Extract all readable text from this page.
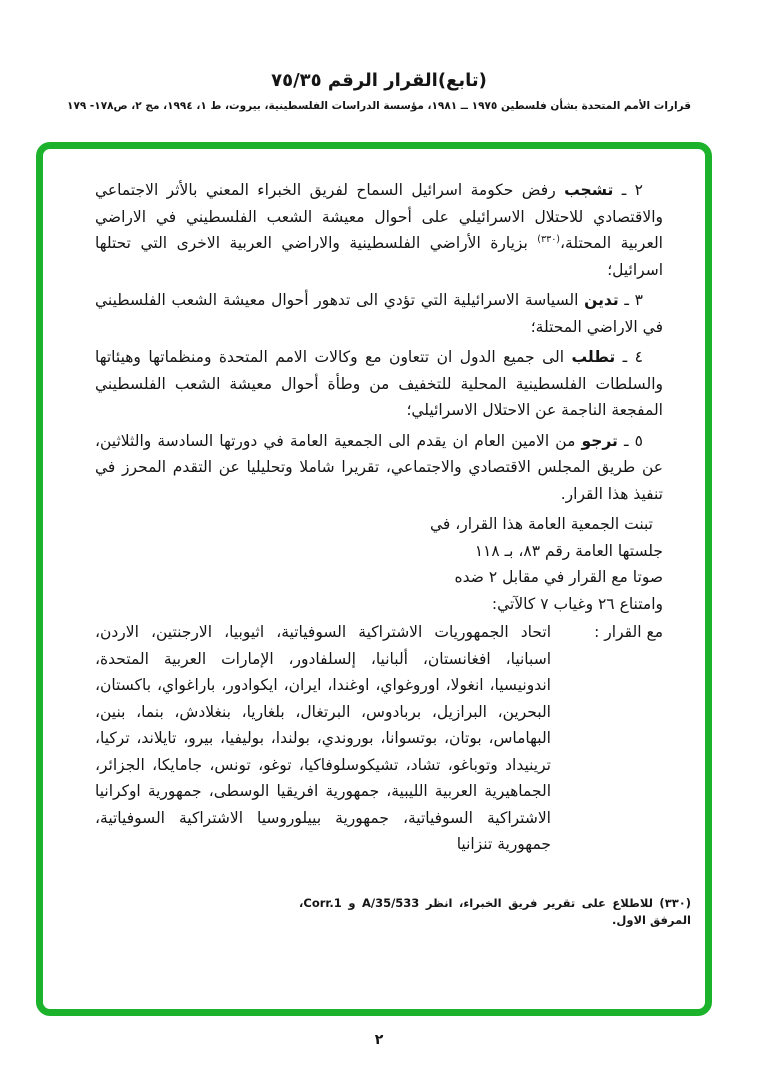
(تابع)القرار الرقم ٧٥/٣٥
قرارات الأمم المتحدة بشأن فلسطين ١٩٧٥ ــ ١٩٨١، مؤسسة الدراسات الفلسطينية، بيروت، ط ١، ١٩٩٤، مج ٢، ص١٧٨- ١٧٩

٢ ـ تشجب رفض حكومة اسرائيل السماح لفريق الخبراء المعني بالأثر الاجتماعي والاقتصادي للاحتلال الاسرائيلي على أحوال معيشة الشعب الفلسطيني في الاراضي العربية المحتلة،$^{(٣٣٠)}$ بزيارة الأراضي الفلسطينية والاراضي العربية الاخرى التي تحتلها اسرائيل؛

٣ ـ تدين السياسة الاسرائيلية التي تؤدي الى تدهور أحوال معيشة الشعب الفلسطيني في الاراضي المحتلة؛

٤ ـ تطلب الى جميع الدول ان تتعاون مع وكالات الامم المتحدة ومنظماتها وهيئاتها والسلطات الفلسطينية المحلية للتخفيف من وطأة أحوال معيشة الشعب الفلسطيني المفجعة الناجمة عن الاحتلال الاسرائيلي؛

٥ ـ ترجو من الامين العام ان يقدم الى الجمعية العامة في دورتها السادسة والثلاثين، عن طريق المجلس الاقتصادي والاجتماعي، تقريرا شاملا وتحليليا عن التقدم المحرز في تنفيذ هذا القرار.

تبنت الجمعية العامة هذا القرار، في
جلستها العامة رقم ٨٣، بـ ١١٨
صوتا مع القرار في مقابل ٢ ضده
وامتناع ٢٦ وغياب ٧ كالآتي:
مع القرار :
اتحاد الجمهوريات الاشتراكية السوفياتية، اثيوبيا، الارجنتين، الاردن، اسبانيا، افغانستان، ألبانيا، إلسلفادور، الإمارات العربية المتحدة، اندونيسيا، انغولا، اوروغواي، اوغندا، ايران، ايكوادور، باراغواي، باكستان، البحرين، البرازيل، بربادوس، البرتغال، بلغاريا، بنغلادش، بنما، بنين، البهاماس، بوتان، بوتسوانا، بوروندي، بولندا، بوليفيا، بيرو، تايلاند، تركيا، ترينيداد وتوباغو، تشاد، تشيكوسلوفاكيا، توغو، تونس، جامايكا، الجزائر، الجماهيرية العربية الليبية، جمهورية افريقيا الوسطى، جمهورية اوكرانيا الاشتراكية السوفياتية، جمهورية بييلوروسيا الاشتراكية السوفياتية، جمهورية تنزانيا
(٣٣٠) للاطلاع على تقرير فريق الخبراء، انظر A/35/533 و Corr.1، المرفق الاول.
٢
